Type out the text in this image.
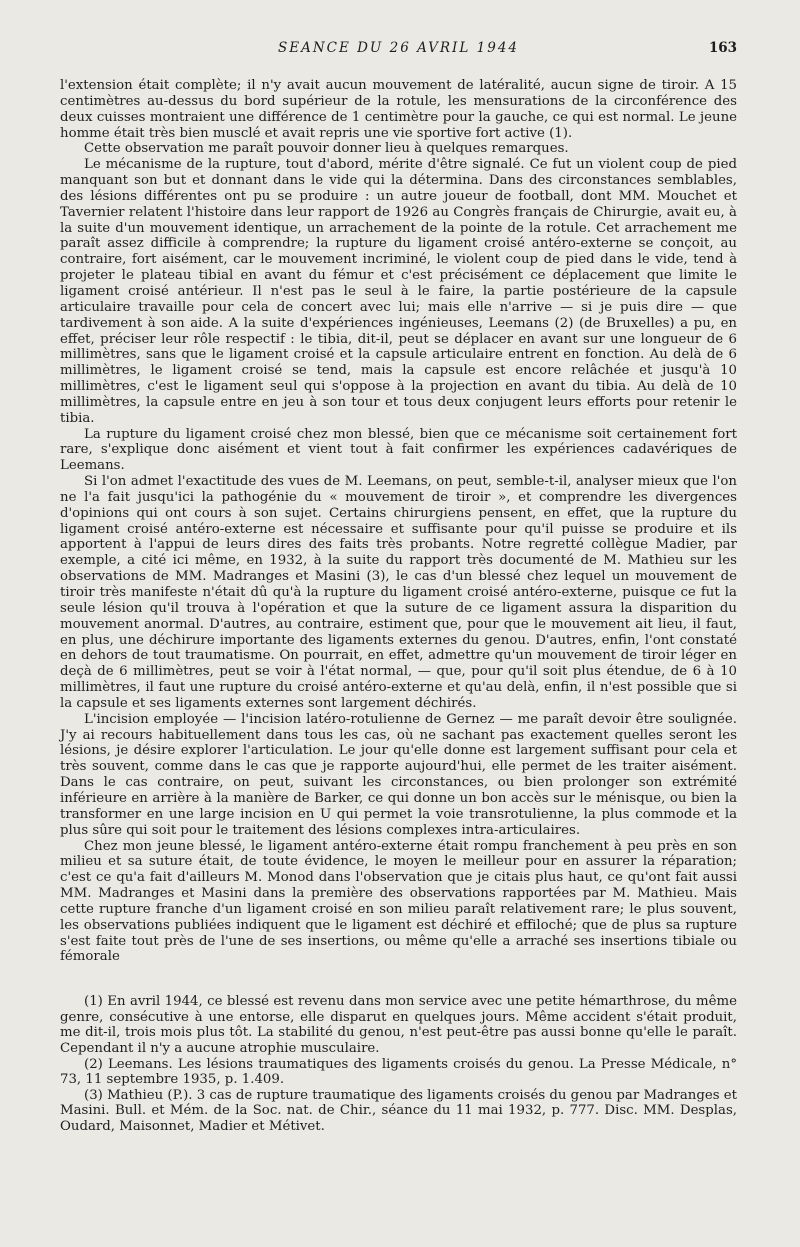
SEANCE DU 26 AVRIL 1944	163

l'extension était complète; il n'y avait aucun mouvement de latéralité, aucun signe de tiroir. A 15 centimètres au-dessus du bord supérieur de la rotule, les mensurations de la circonférence des deux cuisses montraient une différence de 1 centimètre pour la gauche, ce qui est normal. Le jeune homme était très bien musclé et avait repris une vie sportive fort active (1).

Cette observation me paraît pouvoir donner lieu à quelques remarques.

Le mécanisme de la rupture, tout d'abord, mérite d'être signalé. Ce fut un violent coup de pied manquant son but et donnant dans le vide qui la détermina. Dans des circonstances semblables, des lésions différentes ont pu se produire : un autre joueur de football, dont MM. Mouchet et Tavernier relatent l'histoire dans leur rapport de 1926 au Congrès français de Chirurgie, avait eu, à la suite d'un mouvement identique, un arrachement de la pointe de la rotule. Cet arrachement me paraît assez difficile à comprendre; la rupture du ligament croisé antéro-externe se conçoit, au contraire, fort aisément, car le mouvement incriminé, le violent coup de pied dans le vide, tend à projeter le plateau tibial en avant du fémur et c'est précisément ce déplacement que limite le ligament croisé antérieur. Il n'est pas le seul à le faire, la partie postérieure de la capsule articulaire travaille pour cela de concert avec lui; mais elle n'arrive — si je puis dire — que tardivement à son aide. A la suite d'expériences ingénieuses, Leemans (2) (de Bruxelles) a pu, en effet, préciser leur rôle respectif : le tibia, dit-il, peut se déplacer en avant sur une longueur de 6 millimètres, sans que le ligament croisé et la capsule articulaire entrent en fonction. Au delà de 6 millimètres, le ligament croisé se tend, mais la capsule est encore relâchée et jusqu'à 10 millimètres, c'est le ligament seul qui s'oppose à la projection en avant du tibia. Au delà de 10 millimètres, la capsule entre en jeu à son tour et tous deux conjugent leurs efforts pour retenir le tibia.

La rupture du ligament croisé chez mon blessé, bien que ce mécanisme soit certainement fort rare, s'explique donc aisément et vient tout à fait confirmer les expériences cadavériques de Leemans.

Si l'on admet l'exactitude des vues de M. Leemans, on peut, semble-t-il, analyser mieux que l'on ne l'a fait jusqu'ici la pathogénie du « mouvement de tiroir », et comprendre les divergences d'opinions qui ont cours à son sujet. Certains chirurgiens pensent, en effet, que la rupture du ligament croisé antéro-externe est nécessaire et suffisante pour qu'il puisse se produire et ils apportent à l'appui de leurs dires des faits très probants. Notre regretté collègue Madier, par exemple, a cité ici même, en 1932, à la suite du rapport très documenté de M. Mathieu sur les observations de MM. Madranges et Masini (3), le cas d'un blessé chez lequel un mouvement de tiroir très manifeste n'était dû qu'à la rupture du ligament croisé antéro-externe, puisque ce fut la seule lésion qu'il trouva à l'opération et que la suture de ce ligament assura la disparition du mouvement anormal. D'autres, au contraire, estiment que, pour que le mouvement ait lieu, il faut, en plus, une déchirure importante des ligaments externes du genou. D'autres, enfin, l'ont constaté en dehors de tout traumatisme. On pourrait, en effet, admettre qu'un mouvement de tiroir léger en deçà de 6 millimètres, peut se voir à l'état normal, — que, pour qu'il soit plus étendue, de 6 à 10 millimètres, il faut une rupture du croisé antéro-externe et qu'au delà, enfin, il n'est possible que si la capsule et ses ligaments externes sont largement déchirés.

L'incision employée — l'incision latéro-rotulienne de Gernez — me paraît devoir être soulignée. J'y ai recours habituellement dans tous les cas, où ne sachant pas exactement quelles seront les lésions, je désire explorer l'articulation. Le jour qu'elle donne est largement suffisant pour cela et très souvent, comme dans le cas que je rapporte aujourd'hui, elle permet de les traiter aisément. Dans le cas contraire, on peut, suivant les circonstances, ou bien prolonger son extrémité inférieure en arrière à la manière de Barker, ce qui donne un bon accès sur le ménisque, ou bien la transformer en une large incision en U qui permet la voie transrotulienne, la plus commode et la plus sûre qui soit pour le traitement des lésions complexes intra-articulaires.

Chez mon jeune blessé, le ligament antéro-externe était rompu franchement à peu près en son milieu et sa suture était, de toute évidence, le moyen le meilleur pour en assurer la réparation; c'est ce qu'a fait d'ailleurs M. Monod dans l'observation que je citais plus haut, ce qu'ont fait aussi MM. Madranges et Masini dans la première des observations rapportées par M. Mathieu. Mais cette rupture franche d'un ligament croisé en son milieu paraît relativement rare; le plus souvent, les observations publiées indiquent que le ligament est déchiré et effiloché; que de plus sa rupture s'est faite tout près de l'une de ses insertions, ou même qu'elle a arraché ses insertions tibiale ou fémorale

(1) En avril 1944, ce blessé est revenu dans mon service avec une petite hémarthrose, du même genre, consécutive à une entorse, elle disparut en quelques jours. Même accident s'était produit, me dit-il, trois mois plus tôt. La stabilité du genou, n'est peut-être pas aussi bonne qu'elle le paraît. Cependant il n'y a aucune atrophie musculaire.

(2) Leemans. Les lésions traumatiques des ligaments croisés du genou. La Presse Médicale, n° 73, 11 septembre 1935, p. 1.409.

(3) Mathieu (P.). 3 cas de rupture traumatique des ligaments croisés du genou par Madranges et Masini. Bull. et Mém. de la Soc. nat. de Chir., séance du 11 mai 1932, p. 777. Disc. MM. Desplas, Oudard, Maisonnet, Madier et Métivet.
